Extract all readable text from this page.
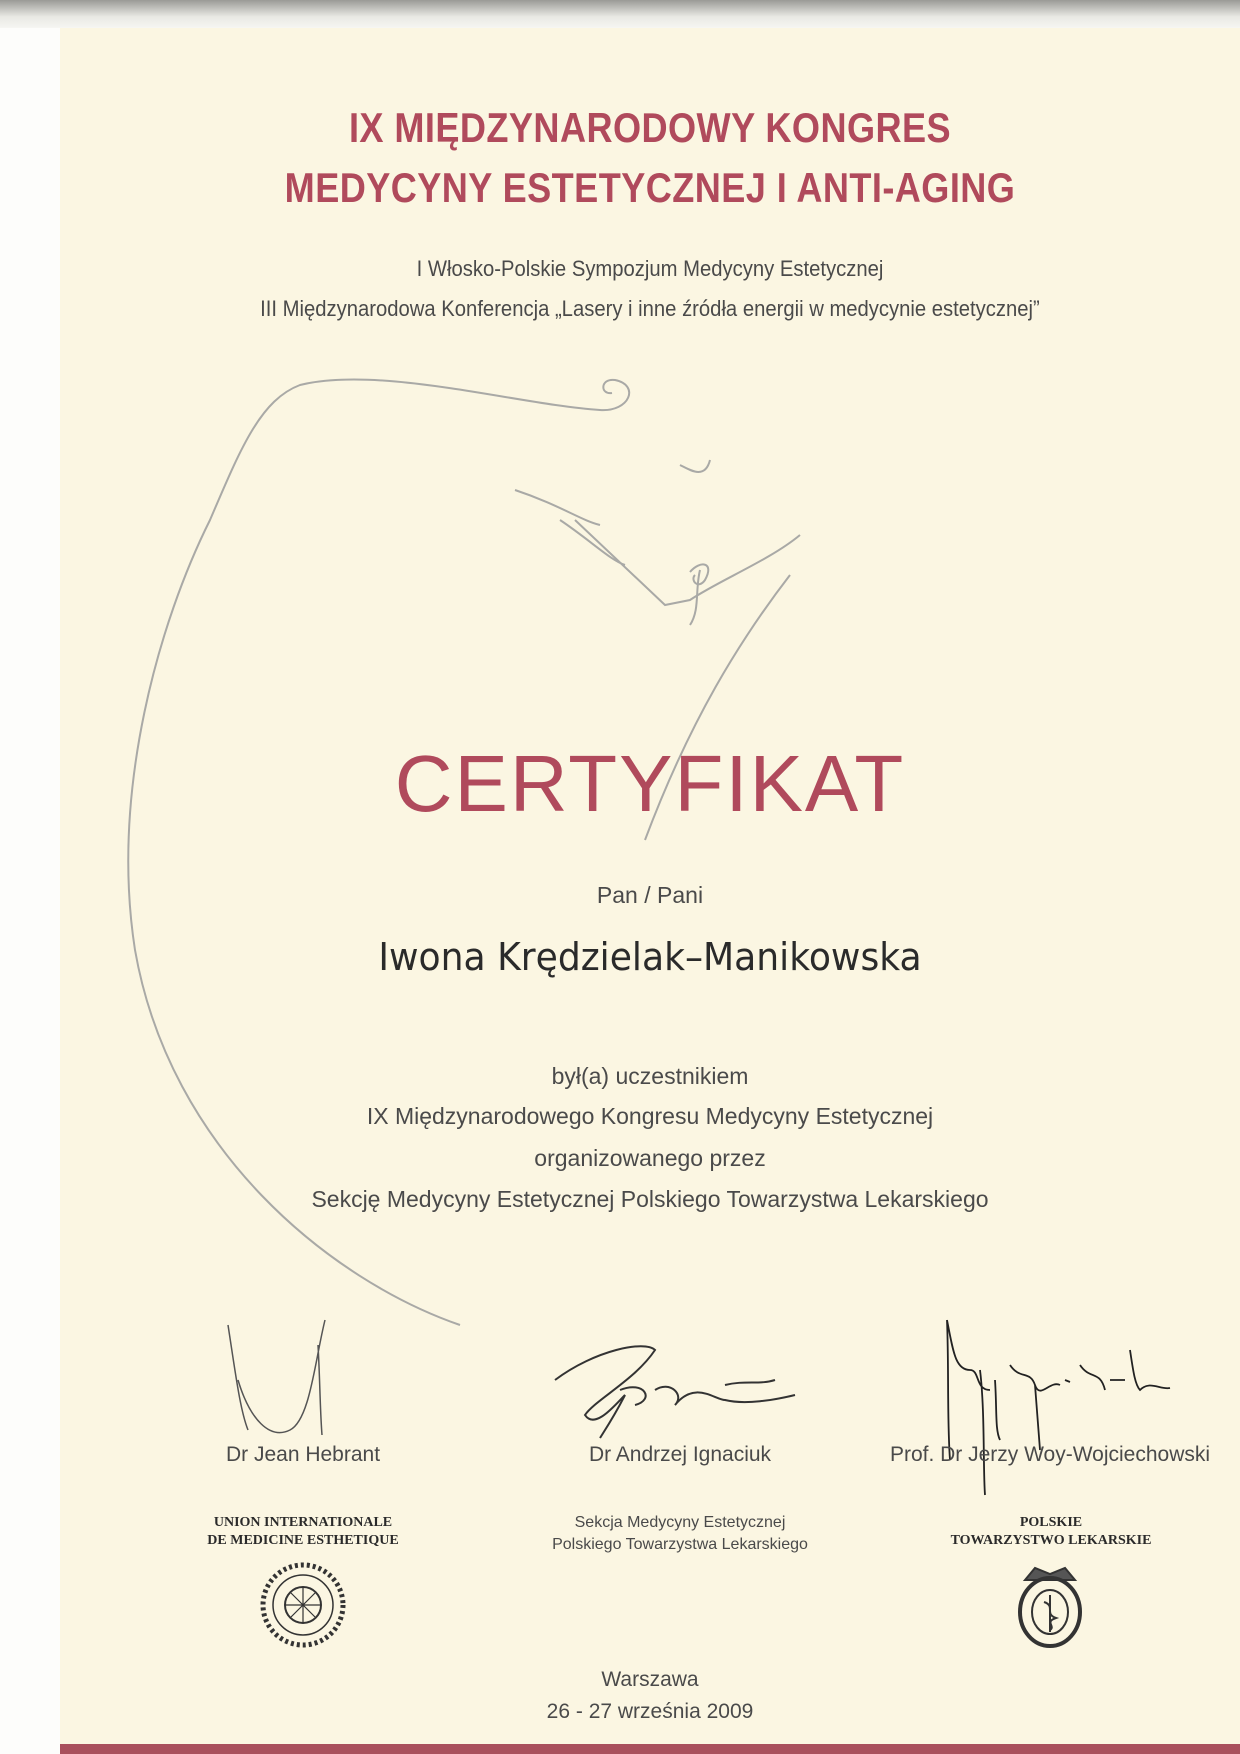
IX MIĘDZYNARODOWY KONGRES
MEDYCYNY ESTETYCZNEJ I ANTI-AGING
I Włosko-Polskie Sympozjum Medycyny Estetycznej
III Międzynarodowa Konferencja „Lasery i inne źródła energii w medycynie estetycznej”
CERTYFIKAT
Pan / Pani
Iwona Krędzielak–Manikowska
był(a) uczestnikiem
IX Międzynarodowego Kongresu Medycyny Estetycznej
organizowanego przez
Sekcję Medycyny Estetycznej Polskiego Towarzystwa Lekarskiego
Dr Jean Hebrant	Dr Andrzej Ignaciuk	Prof. Dr Jerzy Woy-Wojciechowski
UNION INTERNATIONALE
DE MEDICINE ESTHETIQUE
Sekcja Medycyny Estetycznej
Polskiego Towarzystwa Lekarskiego
POLSKIE
TOWARZYSTWO LEKARSKIE
Warszawa
26 - 27 września 2009
